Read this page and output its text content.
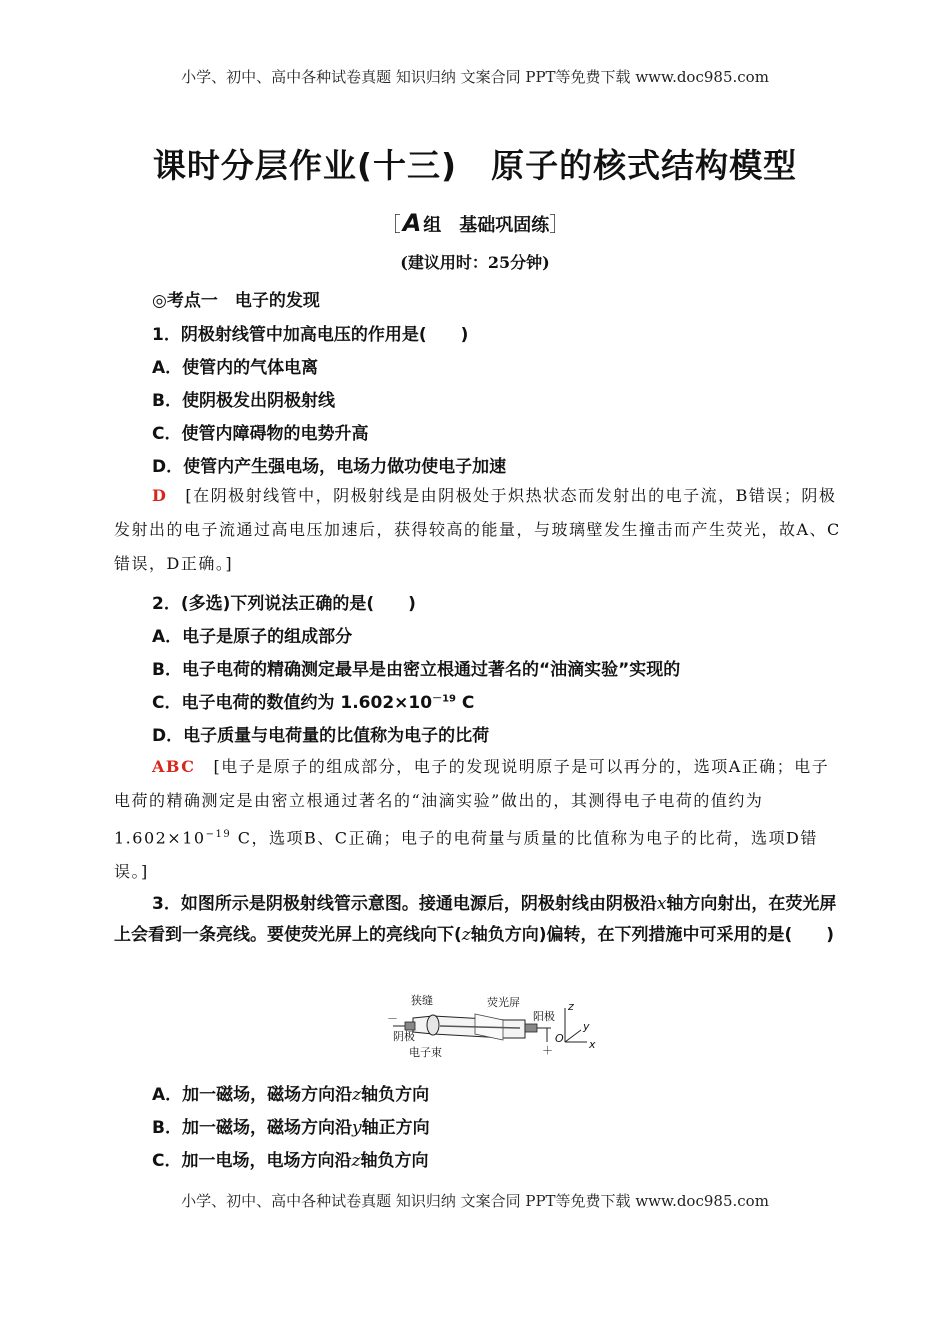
小学、初中、高中各种试卷真题 知识归纳 文案合同 PPT等免费下载 www.doc985.com
课时分层作业(十三)　原子的核式结构模型
［A 组　基础巩固练］
(建议用时：25分钟)
◎考点一　电子的发现
1．阴极射线管中加高电压的作用是(　　)
A．使管内的气体电离
B．使阴极发出阴极射线
C．使管内障碍物的电势升高
D．使管内产生强电场，电场力做功使电子加速
D [在阴极射线管中，阴极射线是由阴极处于炽热状态而发射出的电子流，B错误；阴极发射出的电子流通过高电压加速后，获得较高的能量，与玻璃壁发生撞击而产生荧光，故A、C错误，D正确。]
2．(多选)下列说法正确的是(　　)
A．电子是原子的组成部分
B．电子电荷的精确测定最早是由密立根通过著名的“油滴实验”实现的
C．电子电荷的数值约为 $1.602\times 10^{-19}$ C
D．电子质量与电荷量的比值称为电子的比荷
ABC [电子是原子的组成部分，电子的发现说明原子是可以再分的，选项A正确；电子电荷的精确测定是由密立根通过著名的“油滴实验”做出的，其测得电子电荷的值约为$1.602\times 10^{-19}$ C，选项B、C正确；电子的电荷量与质量的比值称为电子的比荷，选项D错误。]
3．如图所示是阴极射线管示意图。接通电源后，阴极射线由阴极沿x轴方向射出，在荧光屏上会看到一条亮线。要使荧光屏上的亮线向下(z轴负方向)偏转，在下列措施中可采用的是(　　)
狭缝	荧光屏
阴极
阳极
电子束
－
＋
z
y
x
O
A．加一磁场，磁场方向沿z轴负方向
B．加一磁场，磁场方向沿y轴正方向
C．加一电场，电场方向沿z轴负方向
小学、初中、高中各种试卷真题 知识归纳 文案合同 PPT等免费下载 www.doc985.com
